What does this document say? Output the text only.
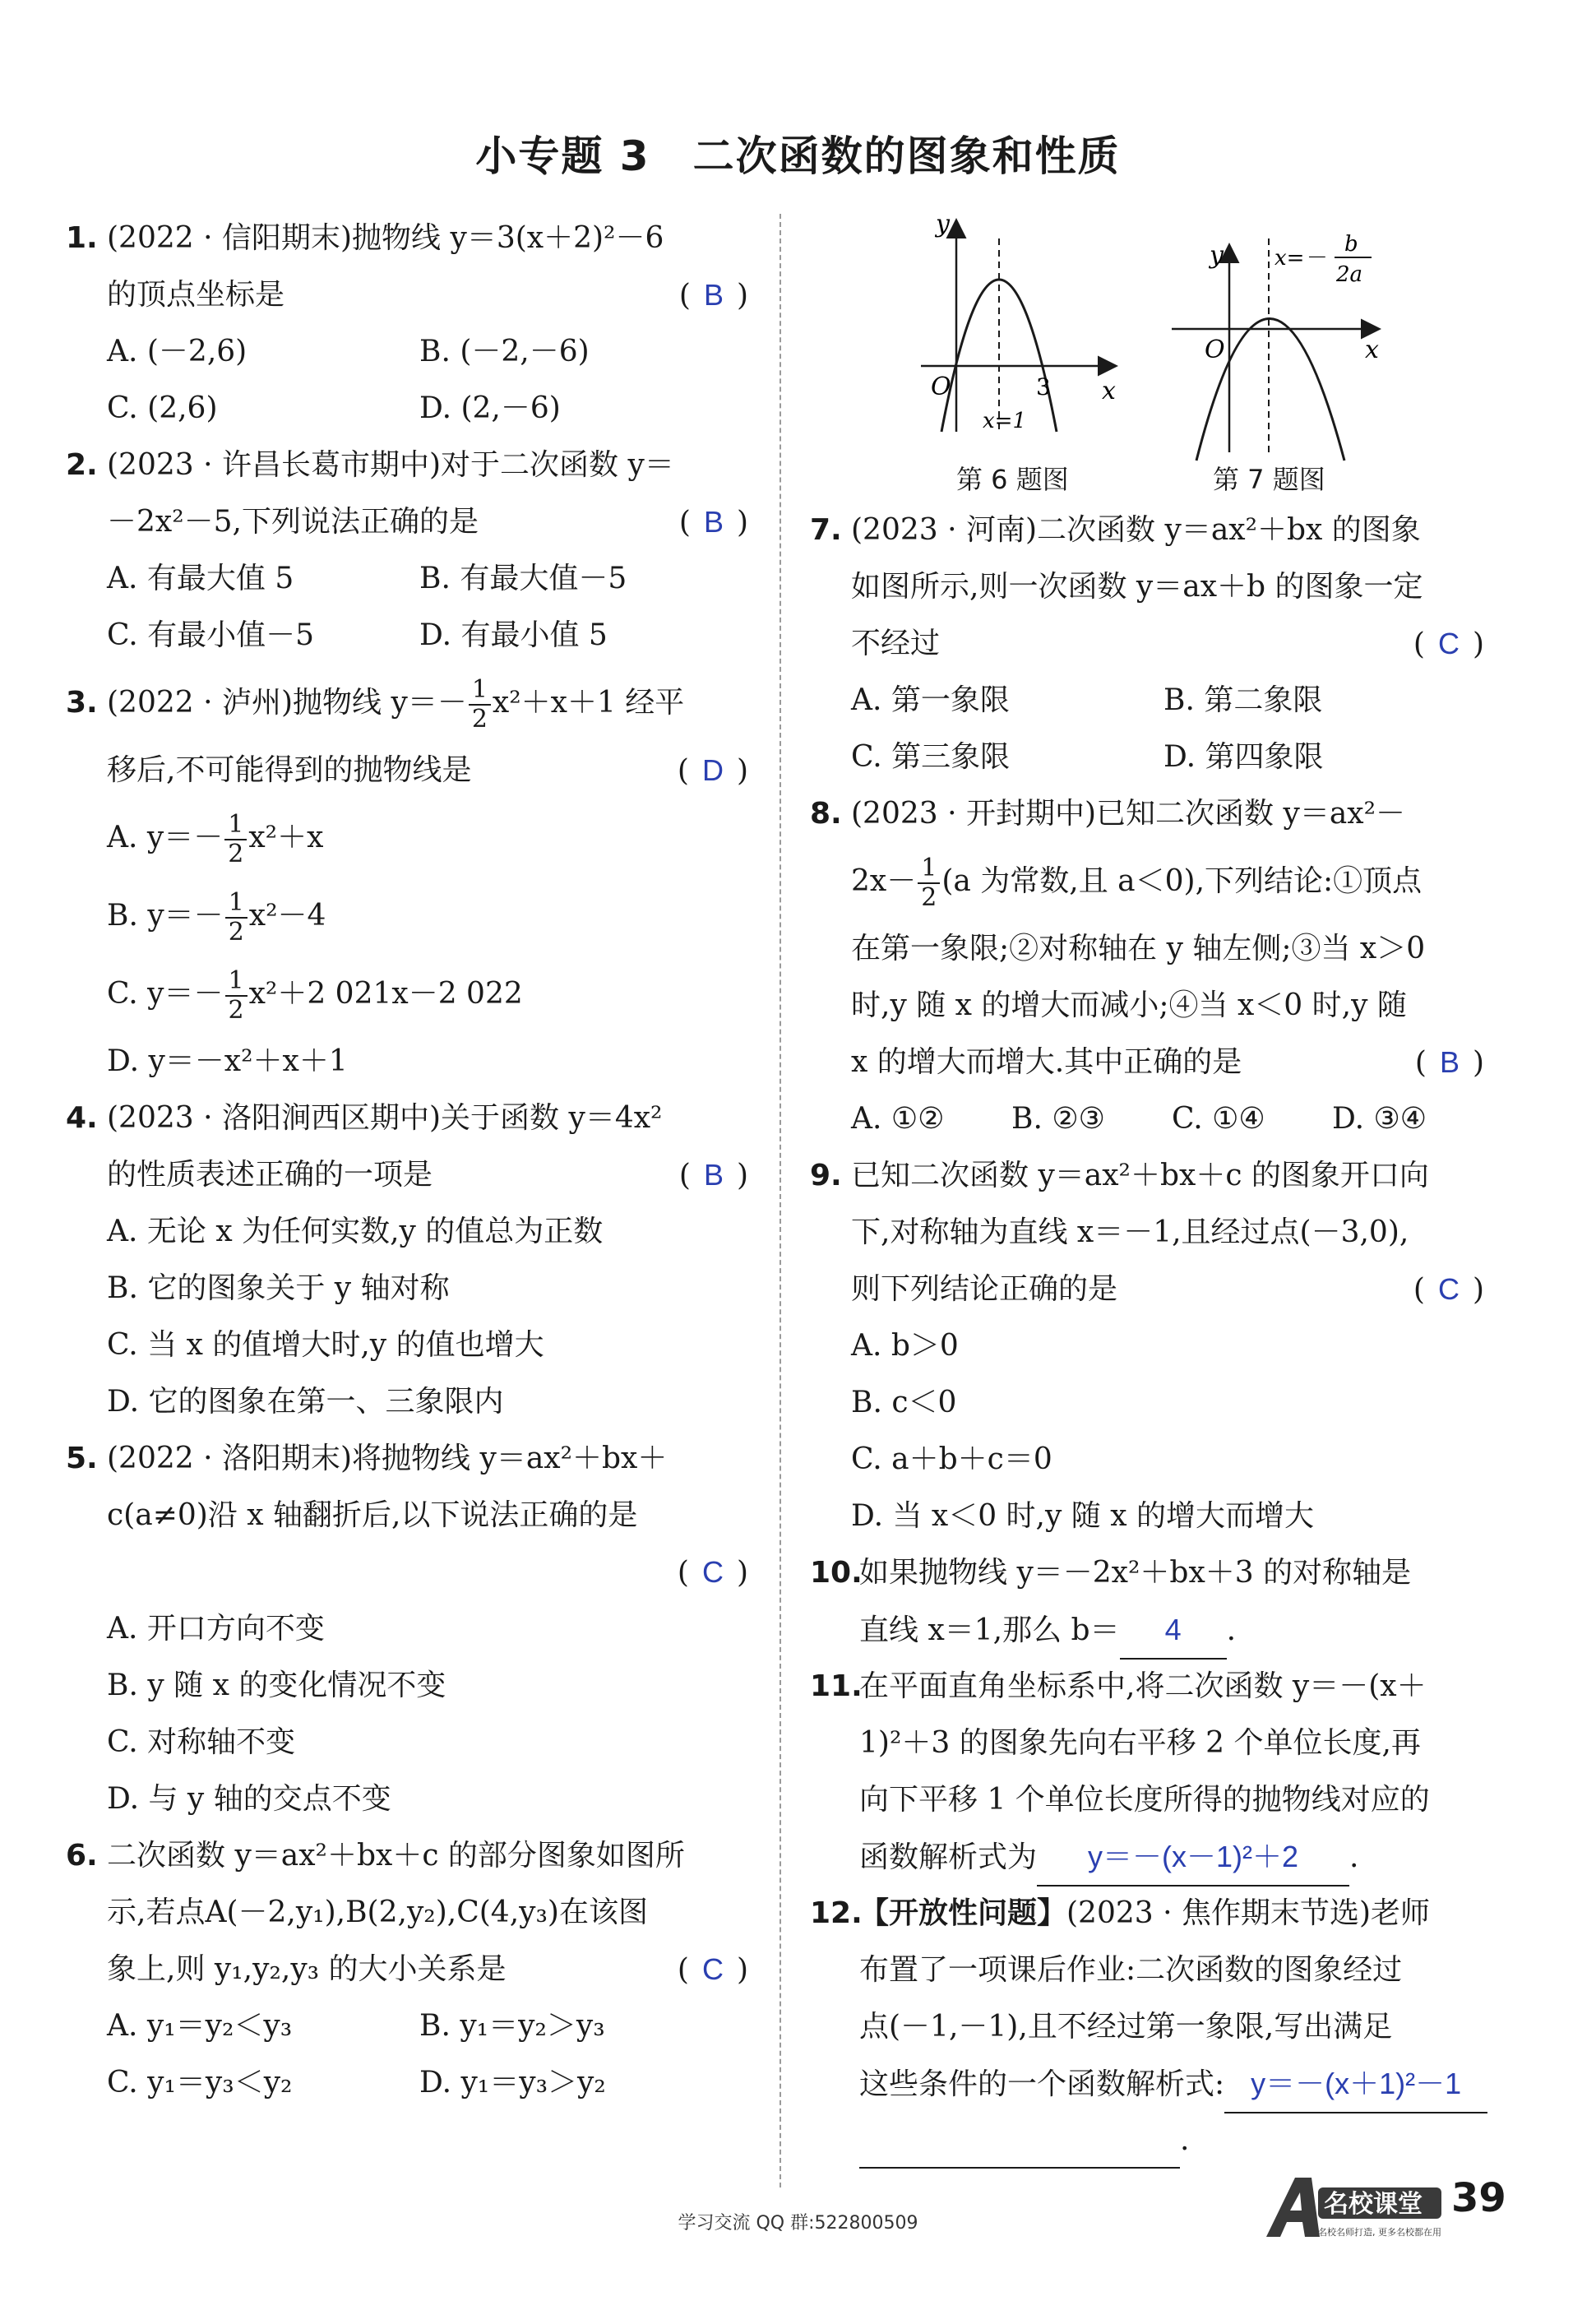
小专题 3　二次函数的图象和性质
1. (2022 · 信阳期末)抛物线 y＝3(x＋2)²－6
的顶点坐标是	( B )
A. (－2,6)	B. (－2,－6)
C. (2,6)	D. (2,－6)
2. (2023 · 许昌长葛市期中)对于二次函数 y＝
－2x²－5,下列说法正确的是	( B )
A. 有最大值 5	B. 有最大值－5
C. 有最小值－5	D. 有最小值 5
3. (2022 · 泸州)抛物线 $y=- \frac{1}{2} x^2+x+1$ 经平
移后,不可能得到的抛物线是	( D )
A. $y=- \frac{1}{2} x^2+x$
B. $y=- \frac{1}{2} x^2-4$
C. $y=- \frac{1}{2} x^2+2$ 021x－2 022
D. y＝－x²＋x＋1
4. (2023 · 洛阳涧西区期中)关于函数 y＝4x²
的性质表述正确的一项是	( B )
A. 无论 x 为任何实数,y 的值总为正数
B. 它的图象关于 y 轴对称
C. 当 x 的值增大时,y 的值也增大
D. 它的图象在第一、三象限内
5. (2022 · 洛阳期末)将抛物线 y＝ax²＋bx＋
c(a≠0)沿 x 轴翻折后,以下说法正确的是
( C )
A. 开口方向不变
B. y 随 x 的变化情况不变
C. 对称轴不变
D. 与 y 轴的交点不变
6. 二次函数 y＝ax²＋bx＋c 的部分图象如图所
示,若点A(－2,y₁),B(2,y₂),C(4,y₃)在该图
象上,则 y₁,y₂,y₃ 的大小关系是	( C )
A. y₁＝y₂＜y₃	B. y₁＝y₂＞y₃
C. y₁＝y₃＜y₂	D. y₁＝y₃＞y₂
y
x
O	3
x=1
y
x
O
x=－
b
2a
第 6 题图	第 7 题图
7. (2023 · 河南)二次函数 y＝ax²＋bx 的图象
如图所示,则一次函数 y＝ax＋b 的图象一定
不经过	( C )
A. 第一象限	B. 第二象限
C. 第三象限	D. 第四象限
8. (2023 · 开封期中)已知二次函数 y＝ax²－
$2x- \frac{1}{2} (a$ 为常数,且 a＜0),下列结论:①顶点
在第一象限;②对称轴在 y 轴左侧;③当 x＞0
时,y 随 x 的增大而减小;④当 x＜0 时,y 随
x 的增大而增大.其中正确的是	( B )
A. ①② B. ②③ C. ①④ D. ③④
9. 已知二次函数 y＝ax²＋bx＋c 的图象开口向
下,对称轴为直线 x＝－1,且经过点(－3,0),
则下列结论正确的是	( C )
A. b＞0
B. c＜0
C. a＋b＋c＝0
D. 当 x＜0 时,y 随 x 的增大而增大
10.
如果抛物线 y＝－2x²＋bx＋3 的对称轴是
直线 x＝1,那么 b＝ 4 .
11.
在平面直角坐标系中,将二次函数 y＝－(x＋
1)²＋3 的图象先向右平移 2 个单位长度,再
向下平移 1 个单位长度所得的抛物线对应的
函数解析式为 y＝－(x－1)²＋2 .
12.
【开放性问题】(2023 · 焦作期末节选)老师
布置了一项课后作业:二次函数的图象经过
点(－1,－1),且不经过第一象限,写出满足
这些条件的一个函数解析式: y＝－(x＋1)²－1
.
学习交流 QQ 群:522800509
名校课堂
名校名师打造, 更多名校都在用
39
